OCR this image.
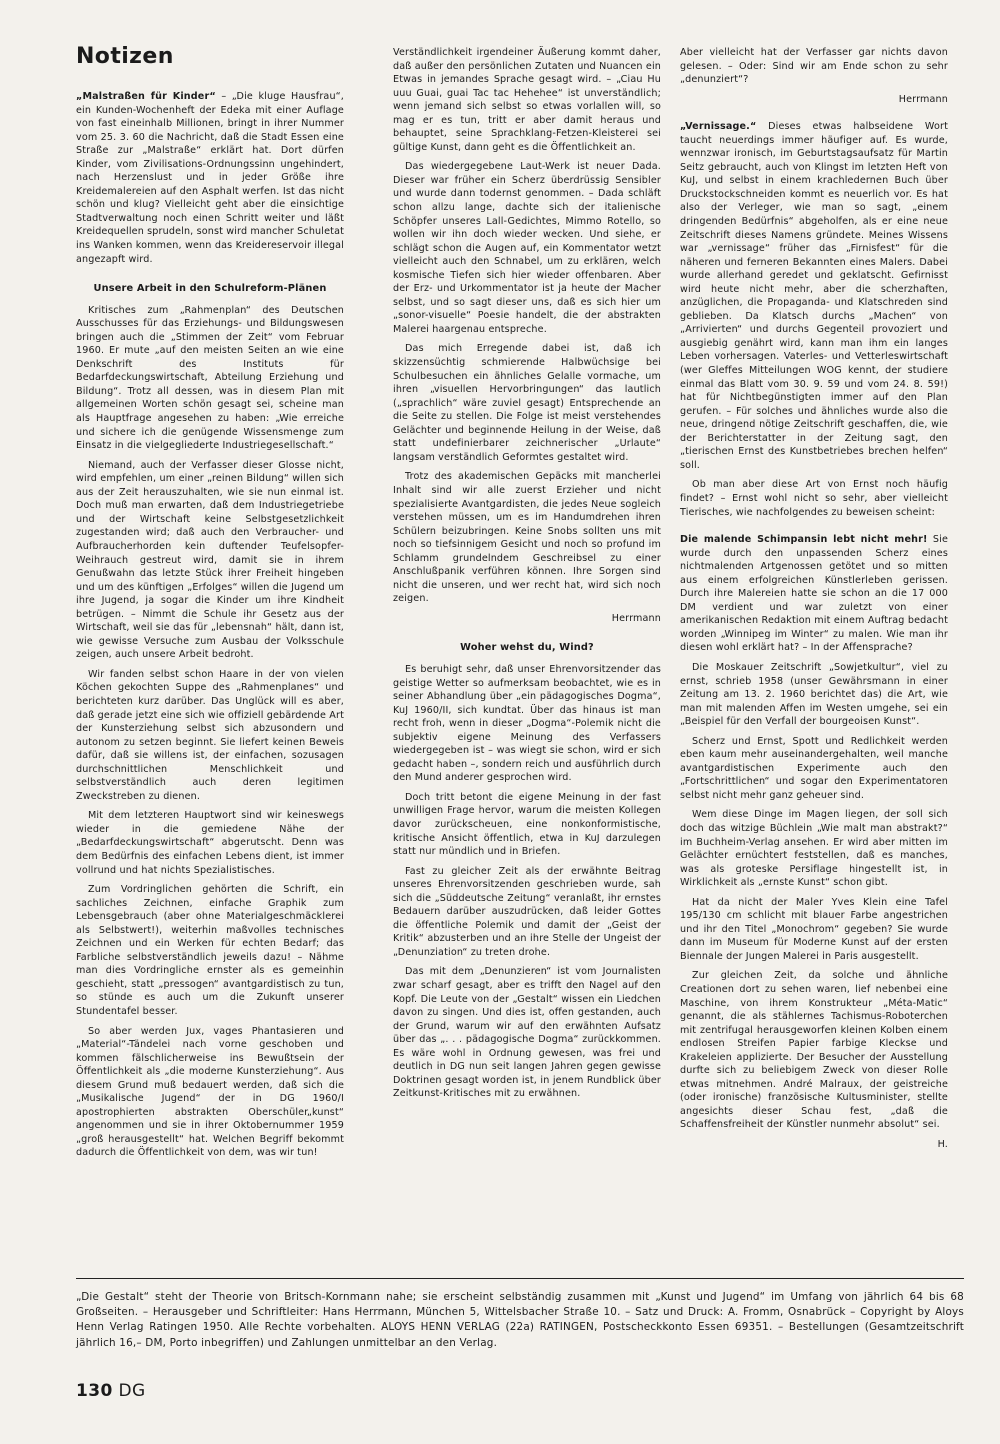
Notizen

„Malstraßen für Kinder“ – „Die kluge Hausfrau“, ein Kunden-Wochenheft der Edeka mit einer Auflage von fast eineinhalb Millionen, bringt in ihrer Nummer vom 25. 3. 60 die Nachricht, daß die Stadt Essen eine Straße zur „Malstraße“ erklärt hat. Dort dürfen Kinder, vom Zivilisations-Ordnungssinn ungehindert, nach Herzenslust und in jeder Größe ihre Kreidemalereien auf den Asphalt werfen. Ist das nicht schön und klug? Vielleicht geht aber die einsichtige Stadtverwaltung noch einen Schritt weiter und läßt Kreidequellen sprudeln, sonst wird mancher Schuletat ins Wanken kommen, wenn das Kreidereservoir illegal angezapft wird.

Unsere Arbeit in den Schulreform-Plänen

Kritisches zum „Rahmenplan“ des Deutschen Ausschusses für das Erziehungs- und Bildungswesen bringen auch die „Stimmen der Zeit“ vom Februar 1960. Er mute „auf den meisten Seiten an wie eine Denkschrift des Instituts für Bedarfdeckungswirtschaft, Abteilung Erziehung und Bildung“. Trotz all dessen, was in diesem Plan mit allgemeinen Worten schön gesagt sei, scheine man als Hauptfrage angesehen zu haben: „Wie erreiche und sichere ich die genügende Wissensmenge zum Einsatz in die vielgegliederte Industriegesellschaft.“

Niemand, auch der Verfasser dieser Glosse nicht, wird empfehlen, um einer „reinen Bildung“ willen sich aus der Zeit herauszuhalten, wie sie nun einmal ist. Doch muß man erwarten, daß dem Industriegetriebe und der Wirtschaft keine Selbstgesetzlichkeit zugestanden wird; daß auch den Verbraucher- und Aufbraucherhorden kein duftender Teufelsopfer-Weihrauch gestreut wird, damit sie in ihrem Genußwahn das letzte Stück ihrer Freiheit hingeben und um des künftigen „Erfolges“ willen die Jugend um ihre Jugend, ja sogar die Kinder um ihre Kindheit betrügen. – Nimmt die Schule ihr Gesetz aus der Wirtschaft, weil sie das für „lebensnah“ hält, dann ist, wie gewisse Versuche zum Ausbau der Volksschule zeigen, auch unsere Arbeit bedroht.

Wir fanden selbst schon Haare in der von vielen Köchen gekochten Suppe des „Rahmenplanes“ und berichteten kurz darüber. Das Unglück will es aber, daß gerade jetzt eine sich wie offiziell gebärdende Art der Kunsterziehung selbst sich abzusondern und autonom zu setzen beginnt. Sie liefert keinen Beweis dafür, daß sie willens ist, der einfachen, sozusagen durchschnittlichen Menschlichkeit und selbstverständlich auch deren legitimen Zweckstreben zu dienen.

Mit dem letzteren Hauptwort sind wir keineswegs wieder in die gemiedene Nähe der „Bedarfdeckungswirtschaft“ abgerutscht. Denn was dem Bedürfnis des einfachen Lebens dient, ist immer vollrund und hat nichts Spezialistisches.

Zum Vordringlichen gehörten die Schrift, ein sachliches Zeichnen, einfache Graphik zum Lebensgebrauch (aber ohne Materialgeschmäcklerei als Selbstwert!), weiterhin maßvolles technisches Zeichnen und ein Werken für echten Bedarf; das Farbliche selbstverständlich jeweils dazu! – Nähme man dies Vordringliche ernster als es gemeinhin geschieht, statt „pressogen“ avantgardistisch zu tun, so stünde es auch um die Zukunft unserer Stundentafel besser.

So aber werden Jux, vages Phantasieren und „Material“-Tändelei nach vorne geschoben und kommen fälschlicherweise ins Bewußtsein der Öffentlichkeit als „die moderne Kunsterziehung“. Aus diesem Grund muß bedauert werden, daß sich die „Musikalische Jugend“ der in DG 1960/I apostrophierten abstrakten Oberschüler„kunst“ angenommen und sie in ihrer Oktobernummer 1959 „groß herausgestellt“ hat. Welchen Begriff bekommt dadurch die Öffentlichkeit von dem, was wir tun!

Verständlichkeit irgendeiner Äußerung kommt daher, daß außer den persönlichen Zutaten und Nuancen ein Etwas in jemandes Sprache gesagt wird. – „Ciau Hu uuu Guai, guai Tac tac Hehehee“ ist unverständlich; wenn jemand sich selbst so etwas vorlallen will, so mag er es tun, tritt er aber damit heraus und behauptet, seine Sprachklang-Fetzen-Kleisterei sei gültige Kunst, dann geht es die Öffentlichkeit an.

Das wiedergegebene Laut-Werk ist neuer Dada. Dieser war früher ein Scherz überdrüssig Sensibler und wurde dann todernst genommen. – Dada schläft schon allzu lange, dachte sich der italienische Schöpfer unseres Lall-Gedichtes, Mimmo Rotello, so wollen wir ihn doch wieder wecken. Und siehe, er schlägt schon die Augen auf, ein Kommentator wetzt vielleicht auch den Schnabel, um zu erklären, welch kosmische Tiefen sich hier wieder offenbaren. Aber der Erz- und Urkommentator ist ja heute der Macher selbst, und so sagt dieser uns, daß es sich hier um „sonor-visuelle“ Poesie handelt, die der abstrakten Malerei haargenau entspreche.

Das mich Erregende dabei ist, daß ich skizzensüchtig schmierende Halbwüchsige bei Schulbesuchen ein ähnliches Gelalle vormache, um ihren „visuellen Hervorbringungen“ das lautlich („sprachlich“ wäre zuviel gesagt) Entsprechende an die Seite zu stellen. Die Folge ist meist verstehendes Gelächter und beginnende Heilung in der Weise, daß statt undefinierbarer zeichnerischer „Urlaute“ langsam verständlich Geformtes gestaltet wird.

Trotz des akademischen Gepäcks mit mancherlei Inhalt sind wir alle zuerst Erzieher und nicht spezialisierte Avantgardisten, die jedes Neue sogleich verstehen müssen, um es im Handumdrehen ihren Schülern beizubringen. Keine Snobs sollten uns mit noch so tiefsinnigem Gesicht und noch so profund im Schlamm grundelndem Geschreibsel zu einer Anschlußpanik verführen können. Ihre Sorgen sind nicht die unseren, und wer recht hat, wird sich noch zeigen.

Herrmann

Woher wehst du, Wind?

Es beruhigt sehr, daß unser Ehrenvorsitzender das geistige Wetter so aufmerksam beobachtet, wie es in seiner Abhandlung über „ein pädagogisches Dogma“, KuJ 1960/II, sich kundtat. Über das hinaus ist man recht froh, wenn in dieser „Dogma“-Polemik nicht die subjektiv eigene Meinung des Verfassers wiedergegeben ist – was wiegt sie schon, wird er sich gedacht haben –, sondern reich und ausführlich durch den Mund anderer gesprochen wird.

Doch tritt betont die eigene Meinung in der fast unwilligen Frage hervor, warum die meisten Kollegen davor zurückscheuen, eine nonkonformistische, kritische Ansicht öffentlich, etwa in KuJ darzulegen statt nur mündlich und in Briefen.

Fast zu gleicher Zeit als der erwähnte Beitrag unseres Ehrenvorsitzenden geschrieben wurde, sah sich die „Süddeutsche Zeitung“ veranlaßt, ihr ernstes Bedauern darüber auszudrücken, daß leider Gottes die öffentliche Polemik und damit der „Geist der Kritik“ abzusterben und an ihre Stelle der Ungeist der „Denunziation“ zu treten drohe.

Das mit dem „Denunzieren“ ist vom Journalisten zwar scharf gesagt, aber es trifft den Nagel auf den Kopf. Die Leute von der „Gestalt“ wissen ein Liedchen davon zu singen. Und dies ist, offen gestanden, auch der Grund, warum wir auf den erwähnten Aufsatz über das „. . . pädagogische Dogma“ zurückkommen. Es wäre wohl in Ordnung gewesen, was frei und deutlich in DG nun seit langen Jahren gegen gewisse Doktrinen gesagt worden ist, in jenem Rundblick über Zeitkunst-Kritisches mit zu erwähnen.

Aber vielleicht hat der Verfasser gar nichts davon gelesen. – Oder: Sind wir am Ende schon zu sehr „denunziert“?

Herrmann

„Vernissage.“ Dieses etwas halbseidene Wort taucht neuerdings immer häufiger auf. Es wurde, wennzwar ironisch, im Geburtstagsaufsatz für Martin Seitz gebraucht, auch von Klingst im letzten Heft von KuJ, und selbst in einem krachledernen Buch über Druckstockschneiden kommt es neuerlich vor. Es hat also der Verleger, wie man so sagt, „einem dringenden Bedürfnis“ abgeholfen, als er eine neue Zeitschrift dieses Namens gründete. Meines Wissens war „vernissage“ früher das „Firnisfest“ für die näheren und ferneren Bekannten eines Malers. Dabei wurde allerhand geredet und geklatscht. Gefirnisst wird heute nicht mehr, aber die scherzhaften, anzüglichen, die Propaganda- und Klatschreden sind geblieben. Da Klatsch durchs „Machen“ von „Arrivierten“ und durchs Gegenteil provoziert und ausgiebig genährt wird, kann man ihm ein langes Leben vorhersagen. Vaterles- und Vetterleswirtschaft (wer Gleffes Mitteilungen WOG kennt, der studiere einmal das Blatt vom 30. 9. 59 und vom 24. 8. 59!) hat für Nichtbegünstigten immer auf den Plan gerufen. – Für solches und ähnliches wurde also die neue, dringend nötige Zeitschrift geschaffen, die, wie der Berichterstatter in der Zeitung sagt, den „tierischen Ernst des Kunstbetriebes brechen helfen“ soll.

Ob man aber diese Art von Ernst noch häufig findet? – Ernst wohl nicht so sehr, aber vielleicht Tierisches, wie nachfolgendes zu beweisen scheint:

Die malende Schimpansin lebt nicht mehr! Sie wurde durch den unpassenden Scherz eines nichtmalenden Artgenossen getötet und so mitten aus einem erfolgreichen Künstlerleben gerissen. Durch ihre Malereien hatte sie schon an die 17 000 DM verdient und war zuletzt von einer amerikanischen Redaktion mit einem Auftrag bedacht worden „Winnipeg im Winter“ zu malen. Wie man ihr diesen wohl erklärt hat? – In der Affensprache?

Die Moskauer Zeitschrift „Sowjetkultur“, viel zu ernst, schrieb 1958 (unser Gewährsmann in einer Zeitung am 13. 2. 1960 berichtet das) die Art, wie man mit malenden Affen im Westen umgehe, sei ein „Beispiel für den Verfall der bourgeoisen Kunst“.

Scherz und Ernst, Spott und Redlichkeit werden eben kaum mehr auseinandergehalten, weil manche avantgardistischen Experimente auch den „Fortschrittlichen“ und sogar den Experimentatoren selbst nicht mehr ganz geheuer sind.

Wem diese Dinge im Magen liegen, der soll sich doch das witzige Büchlein „Wie malt man abstrakt?“ im Buchheim-Verlag ansehen. Er wird aber mitten im Gelächter ernüchtert feststellen, daß es manches, was als groteske Persiflage hingestellt ist, in Wirklichkeit als „ernste Kunst“ schon gibt.

Hat da nicht der Maler Yves Klein eine Tafel 195/130 cm schlicht mit blauer Farbe angestrichen und ihr den Titel „Monochrom“ gegeben? Sie wurde dann im Museum für Moderne Kunst auf der ersten Biennale der Jungen Malerei in Paris ausgestellt.

Zur gleichen Zeit, da solche und ähnliche Creationen dort zu sehen waren, lief nebenbei eine Maschine, von ihrem Konstrukteur „Méta-Matic“ genannt, die als stählernes Tachismus-Roboterchen mit zentrifugal herausgeworfen kleinen Kolben einem endlosen Streifen Papier farbige Kleckse und Krakeleien applizierte. Der Besucher der Ausstellung durfte sich zu beliebigem Zweck von dieser Rolle etwas mitnehmen. André Malraux, der geistreiche (oder ironische) französische Kultusminister, stellte angesichts dieser Schau fest, „daß die Schaffensfreiheit der Künstler nunmehr absolut“ sei.

H.

„Die Gestalt“ steht der Theorie von Britsch-Kornmann nahe; sie erscheint selbständig zusammen mit „Kunst und Jugend“ im Umfang von jährlich 64 bis 68 Großseiten. – Herausgeber und Schriftleiter: Hans Herrmann, München 5, Wittelsbacher Straße 10. – Satz und Druck: A. Fromm, Osnabrück – Copyright by Aloys Henn Verlag Ratingen 1950. Alle Rechte vorbehalten. ALOYS HENN VERLAG (22a) RATINGEN, Postscheckkonto Essen 69351. – Bestellungen (Gesamtzeitschrift jährlich 16,– DM, Porto inbegriffen) und Zahlungen unmittelbar an den Verlag.

130 DG
